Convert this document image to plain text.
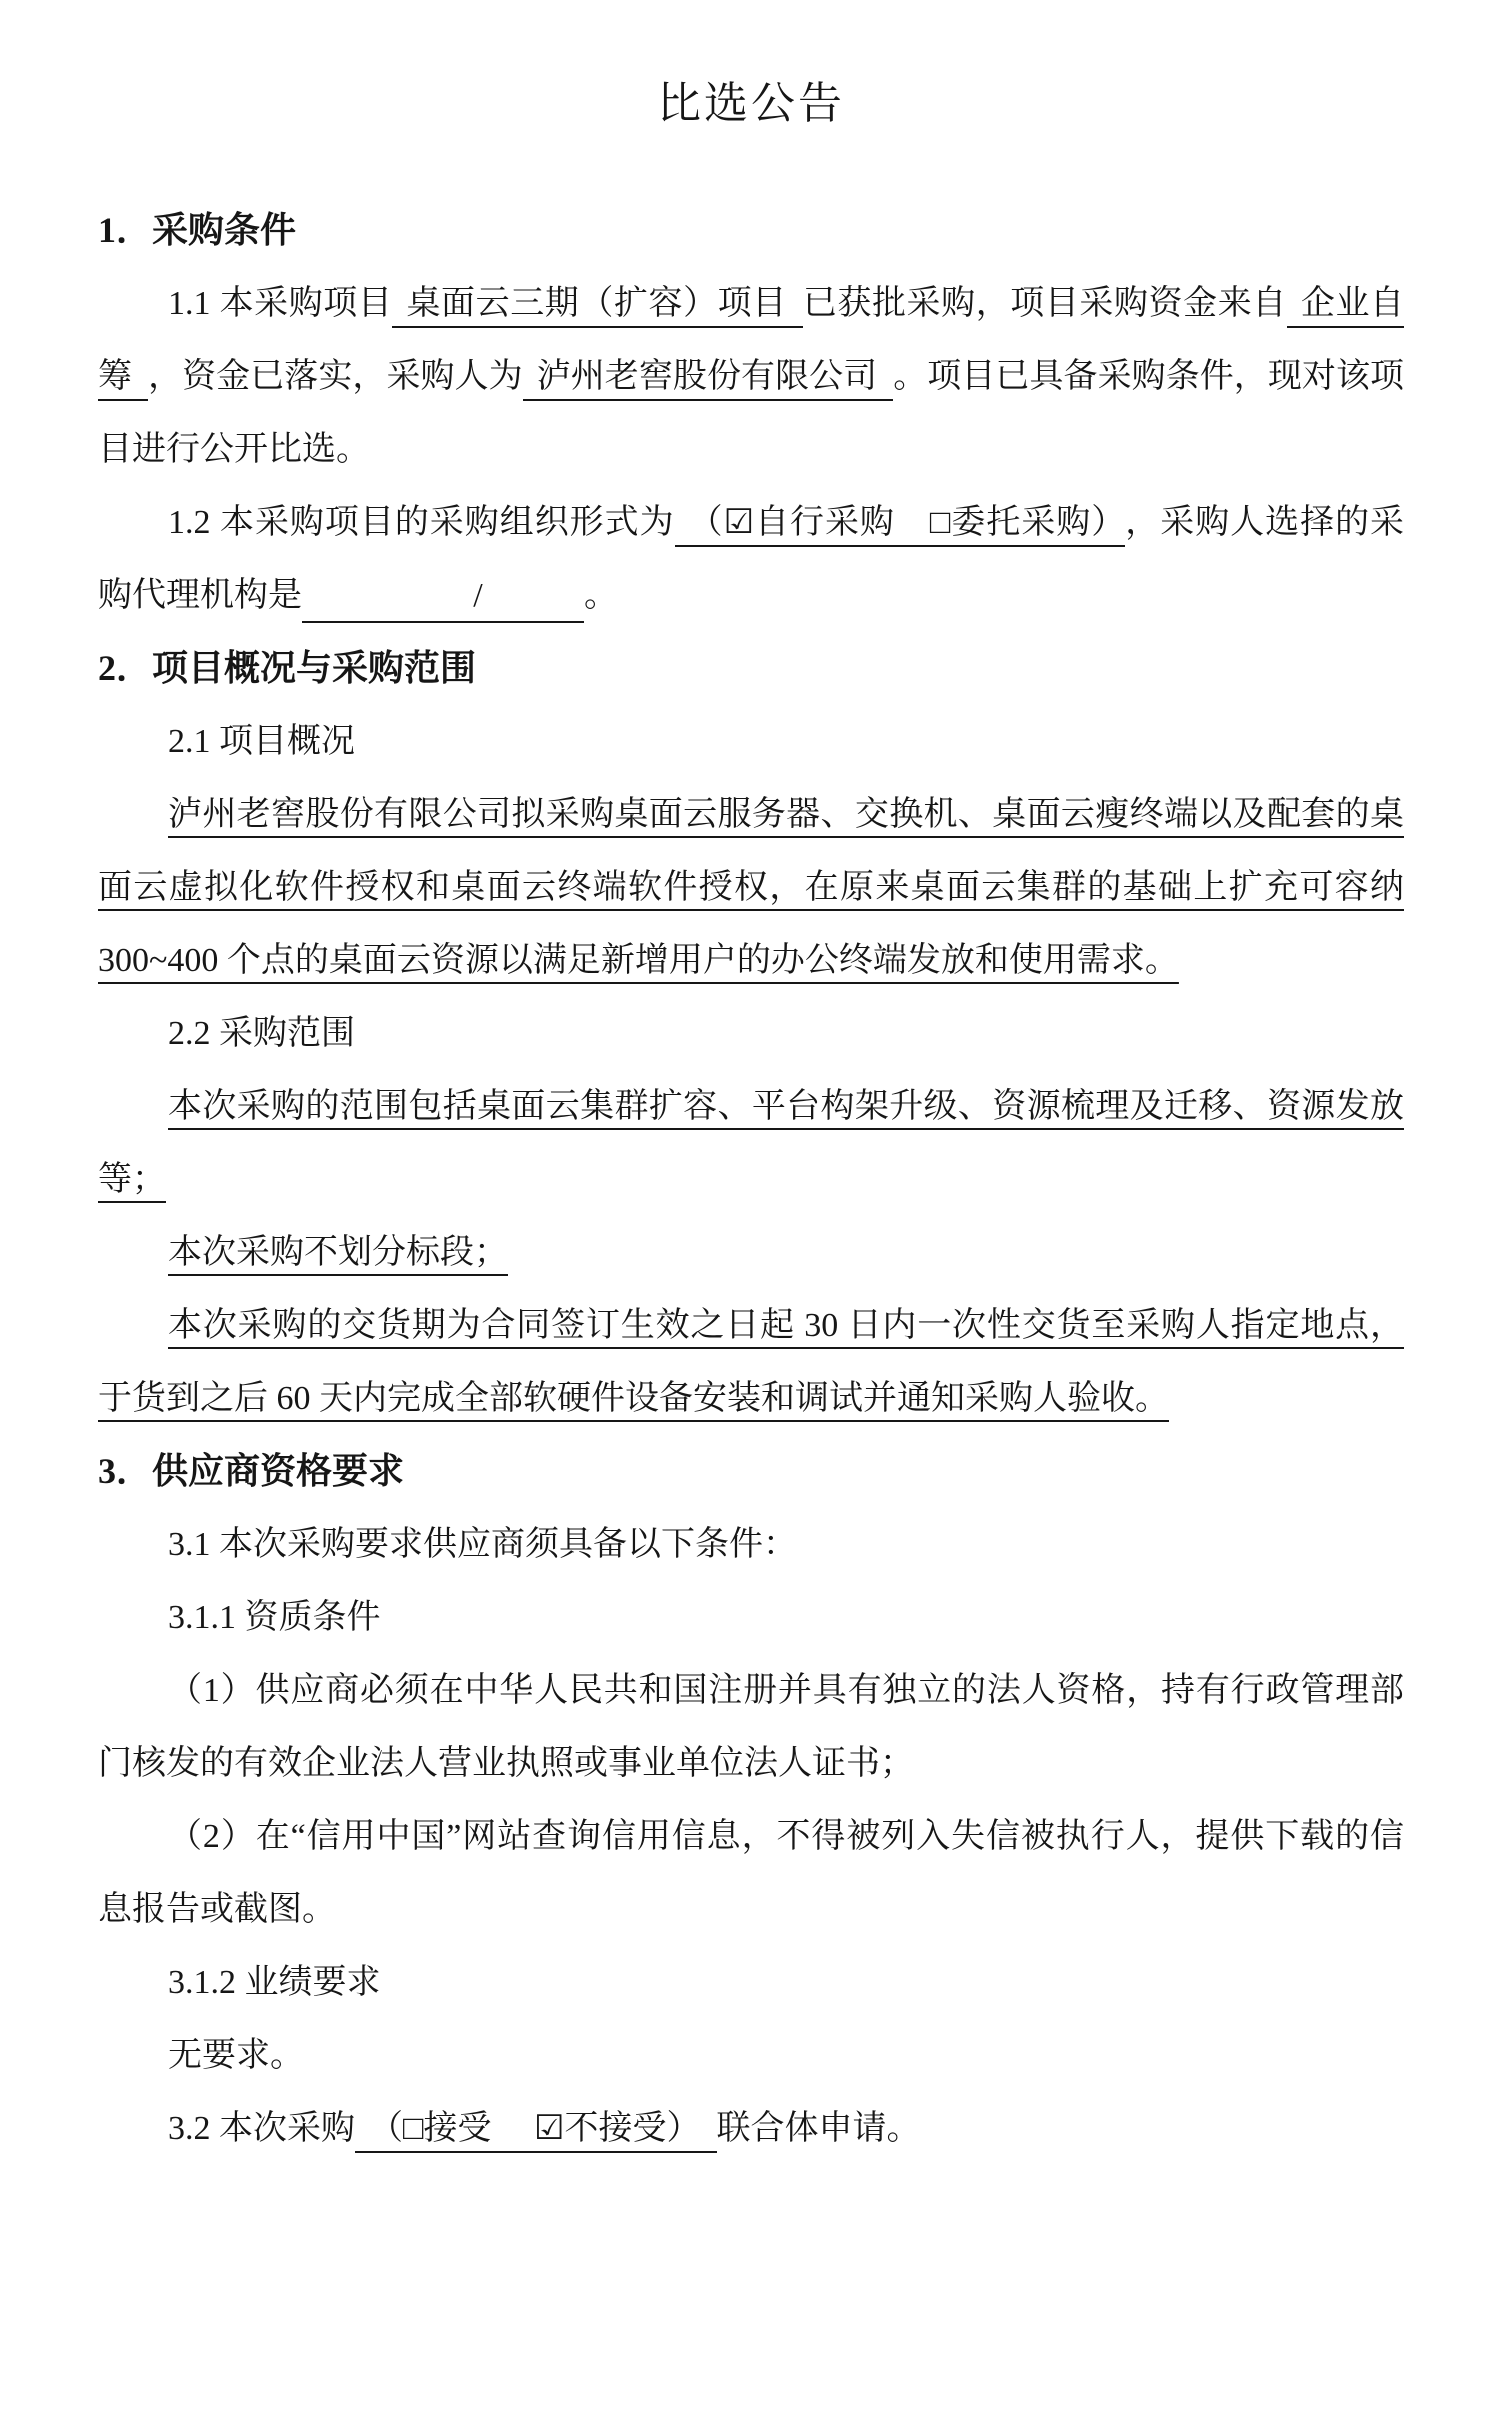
比选公告

1．采购条件

1.1 本采购项目 桌面云三期（扩容）项目 已获批采购，项目采购资金来自 企业自筹 ，资金已落实，采购人为 泸州老窖股份有限公司 。项目已具备采购条件，现对该项目进行公开比选。

1.2 本采购项目的采购组织形式为 （☑自行采购　□委托采购） ，采购人选择的采购代理机构是	/	。

2．项目概况与采购范围

2.1 项目概况

泸州老窖股份有限公司拟采购桌面云服务器、交换机、桌面云瘦终端以及配套的桌面云虚拟化软件授权和桌面云终端软件授权，在原来桌面云集群的基础上扩充可容纳 300~400 个点的桌面云资源以满足新增用户的办公终端发放和使用需求。

2.2 采购范围

本次采购的范围包括桌面云集群扩容、平台构架升级、资源梳理及迁移、资源发放等；

本次采购不划分标段；

本次采购的交货期为合同签订生效之日起 30 日内一次性交货至采购人指定地点，于货到之后 60 天内完成全部软硬件设备安装和调试并通知采购人验收。

3．供应商资格要求

3.1 本次采购要求供应商须具备以下条件：

3.1.1 资质条件

（1）供应商必须在中华人民共和国注册并具有独立的法人资格，持有行政管理部门核发的有效企业法人营业执照或事业单位法人证书；

（2）在“信用中国”网站查询信用信息，不得被列入失信被执行人，提供下载的信息报告或截图。

3.1.2 业绩要求

无要求。

3.2 本次采购 （□接受　 ☑不接受） 联合体申请。
